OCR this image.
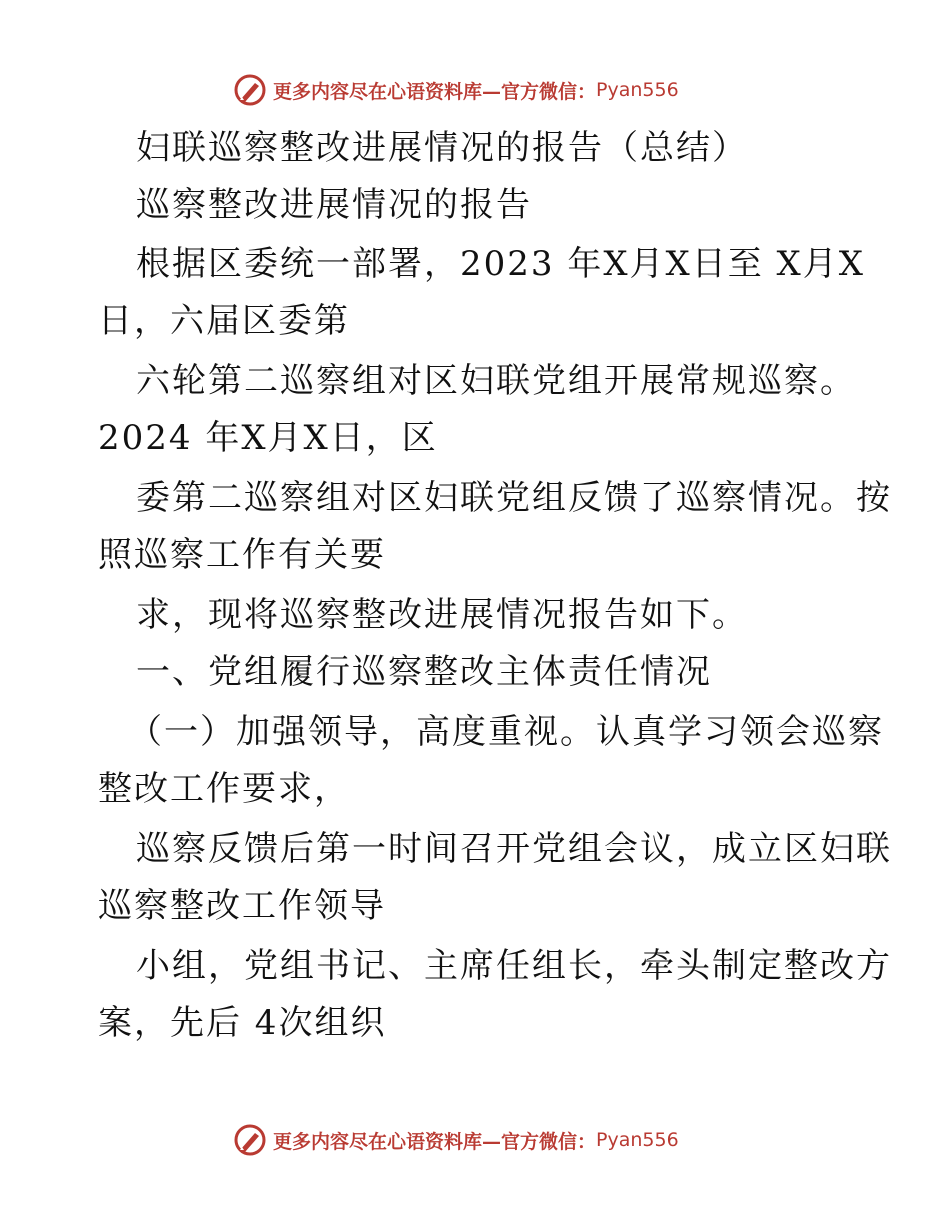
更多内容尽在心语资料库—官方微信： Pyan556
妇联巡察整改进展情况的报告（总结）
巡察整改进展情况的报告
根据区委统一部署，2023 年X月X日至 X月X
日，六届区委第
六轮第二巡察组对区妇联党组开展常规巡察。
2024 年X月X日，区
委第二巡察组对区妇联党组反馈了巡察情况。按
照巡察工作有关要
求，现将巡察整改进展情况报告如下。
一、党组履行巡察整改主体责任情况
（一）加强领导，高度重视。认真学习领会巡察
整改工作要求，
巡察反馈后第一时间召开党组会议，成立区妇联
巡察整改工作领导
小组，党组书记、主席任组长，牵头制定整改方
案，先后 4次组织
更多内容尽在心语资料库—官方微信： Pyan556
